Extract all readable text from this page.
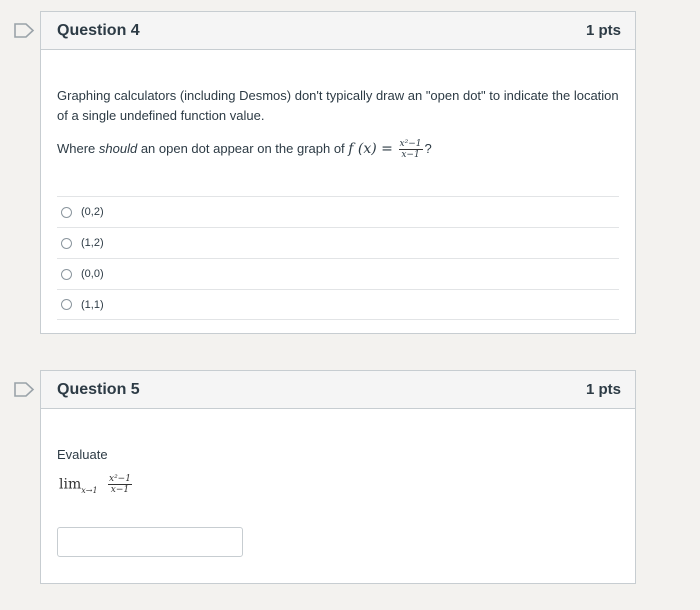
Question 4	1 pts
Graphing calculators (including Desmos) don't typically draw an "open dot" to indicate the location
of a single undefined function value.
Where should an open dot appear on the graph of f $(x) = \frac{\text{x²−1}}{x-1}$ ?
(0,2)
(1,2)
(0,0)
(1,1)
Question 5	1 pts
Evaluate
$\lim_{x\to 1} \frac{\text{x²−1}}{x-1}$
